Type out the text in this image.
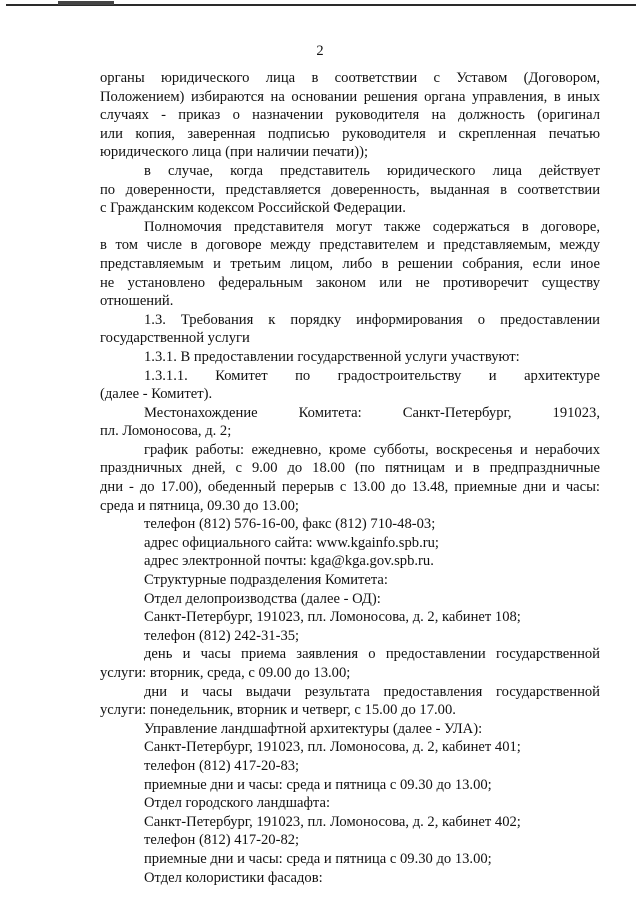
2

органы юридического лица в соответствии с Уставом (Договором,

Положением) избираются на основании решения органа управления, в иных

случаях - приказ о назначении руководителя на должность (оригинал

или копия, заверенная подписью руководителя и скрепленная печатью

юридического лица (при наличии печати));

в случае, когда представитель юридического лица действует

по доверенности, представляется доверенность, выданная в соответствии

с Гражданским кодексом Российской Федерации.

Полномочия представителя могут также содержаться в договоре,

в том числе в договоре между представителем и представляемым, между

представляемым и третьим лицом, либо в решении собрания, если иное

не установлено федеральным законом или не противоречит существу

отношений.

1.3. Требования к порядку информирования о предоставлении

государственной услуги

1.3.1. В предоставлении государственной услуги участвуют:

1.3.1.1. Комитет по градостроительству и архитектуре

(далее - Комитет).

Местонахождение	Комитета:	Санкт-Петербург,	191023,

пл. Ломоносова, д. 2;

график работы: ежедневно, кроме субботы, воскресенья и нерабочих

праздничных дней, с 9.00 до 18.00 (по пятницам и в предпраздничные

дни - до 17.00), обеденный перерыв с 13.00 до 13.48, приемные дни и часы:

среда и пятница, 09.30 до 13.00;

телефон (812) 576-16-00, факс (812) 710-48-03;

адрес официального сайта: www.kgainfo.spb.ru;

адрес электронной почты: kga@kga.gov.spb.ru.

Структурные подразделения Комитета:

Отдел делопроизводства (далее - ОД):

Санкт-Петербург, 191023, пл. Ломоносова, д. 2, кабинет 108;

телефон (812) 242-31-35;

день и часы приема заявления о предоставлении государственной

услуги: вторник, среда, с 09.00 до 13.00;

дни и часы выдачи результата предоставления государственной

услуги: понедельник, вторник и четверг, с 15.00 до 17.00.

Управление ландшафтной архитектуры (далее - УЛА):

Санкт-Петербург, 191023, пл. Ломоносова, д. 2, кабинет 401;

телефон (812) 417-20-83;

приемные дни и часы: среда и пятница с 09.30 до 13.00;

Отдел городского ландшафта:

Санкт-Петербург, 191023, пл. Ломоносова, д. 2, кабинет 402;

телефон (812) 417-20-82;

приемные дни и часы: среда и пятница с 09.30 до 13.00;

Отдел колористики фасадов:
